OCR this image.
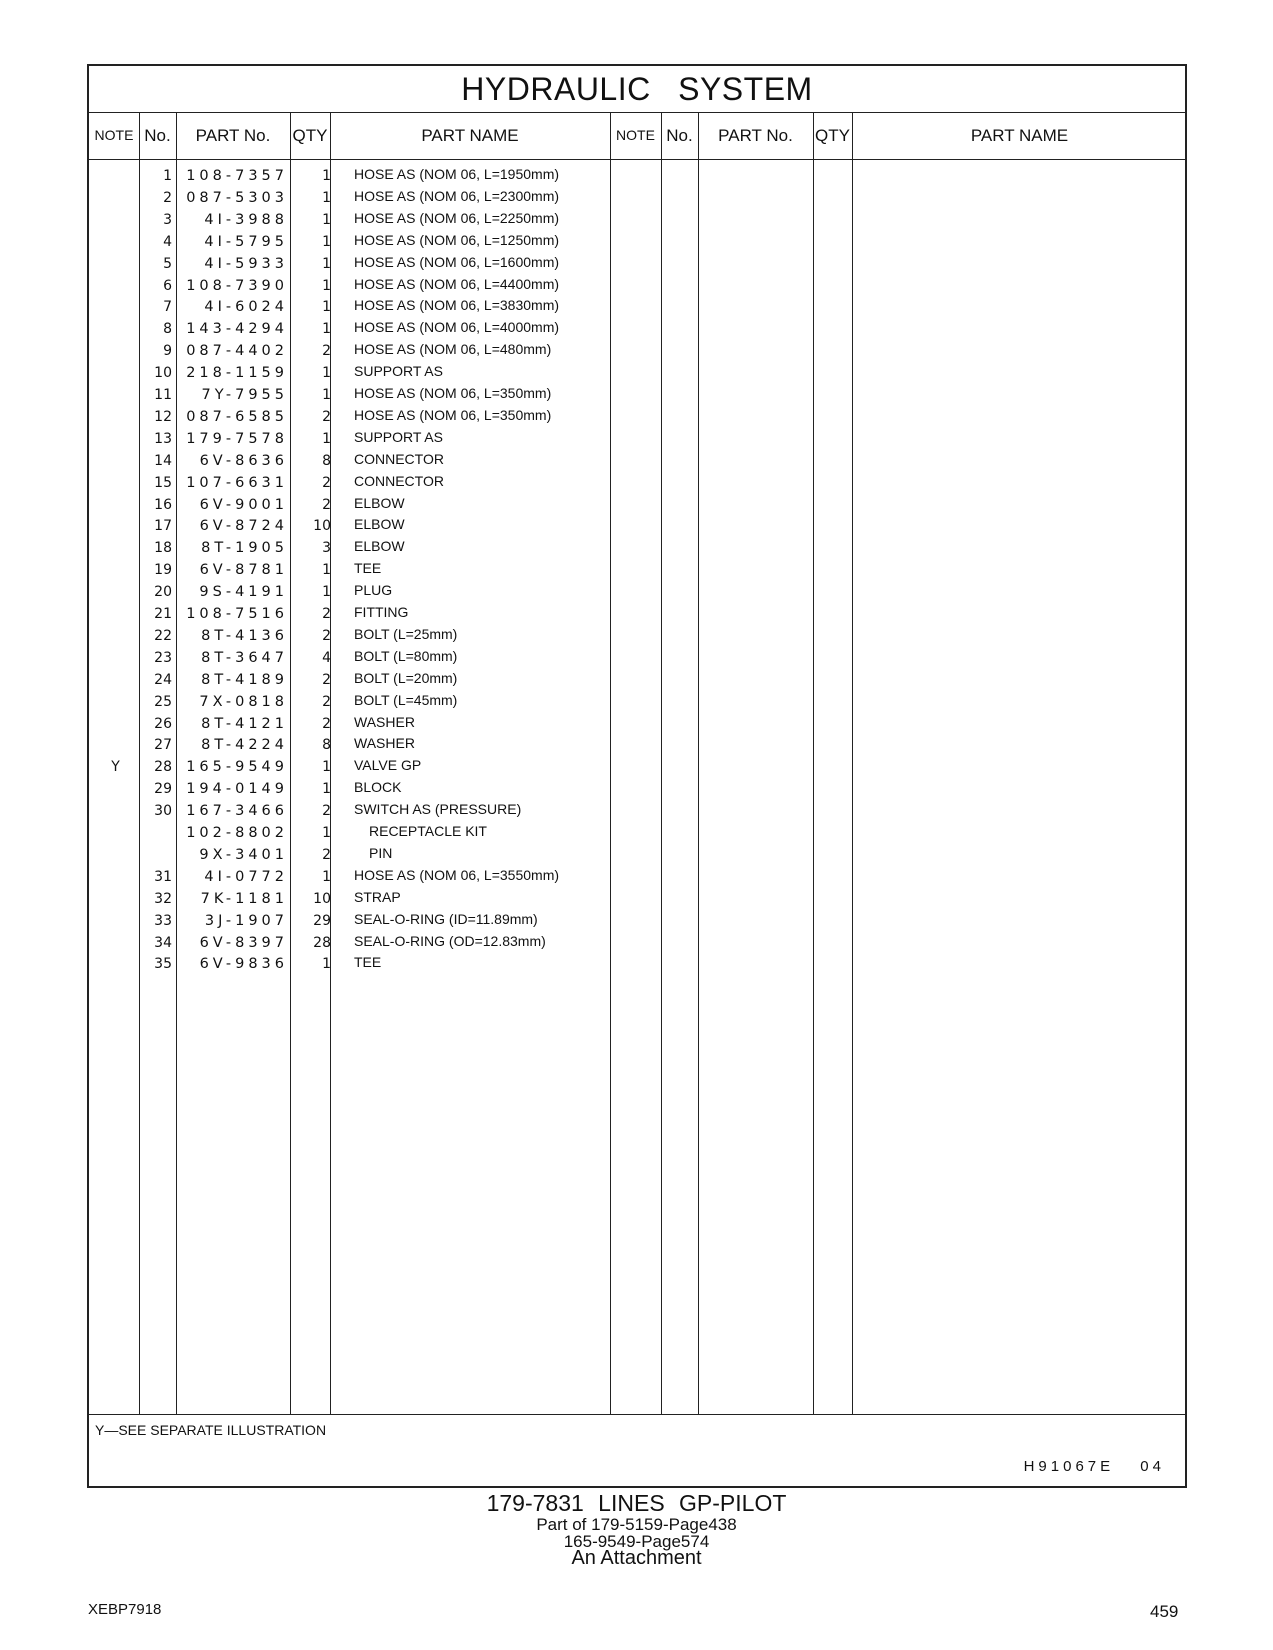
HYDRAULIC SYSTEM
NOTE No.	PART No.	QTY	PART NAME	NOTE No.	PART No.	QTY	PART NAME
1 108-7357	1 HOSE AS (NOM 06, L=1950mm)
2 087-5303	1 HOSE AS (NOM 06, L=2300mm)
3	4I-3988	1 HOSE AS (NOM 06, L=2250mm)
4	4I-5795	1 HOSE AS (NOM 06, L=1250mm)
5	4I-5933	1 HOSE AS (NOM 06, L=1600mm)
6 108-7390	1 HOSE AS (NOM 06, L=4400mm)
7	4I-6024	1 HOSE AS (NOM 06, L=3830mm)
8 143-4294	1 HOSE AS (NOM 06, L=4000mm)
9 087-4402	2 HOSE AS (NOM 06, L=480mm)
10 218-1159	1 SUPPORT AS
11	7Y-7955	1 HOSE AS (NOM 06, L=350mm)
12 087-6585	2 HOSE AS (NOM 06, L=350mm)
13 179-7578	1 SUPPORT AS
14	6V-8636	8 CONNECTOR
15 107-6631	2 CONNECTOR
16	6V-9001	2 ELBOW
17	6V-8724	10 ELBOW
18	8T-1905	3 ELBOW
19	6V-8781	1 TEE
20	9S-4191	1 PLUG
21 108-7516	2 FITTING
22	8T-4136	2 BOLT (L=25mm)
23	8T-3647	4 BOLT (L=80mm)
24	8T-4189	2 BOLT (L=20mm)
25	7X-0818	2 BOLT (L=45mm)
26	8T-4121	2 WASHER
27	8T-4224	8 WASHER
Y	28 165-9549	1 VALVE GP
29 194-0149	1 BLOCK
30 167-3466	2 SWITCH AS (PRESSURE)
102-8802	1	RECEPTACLE KIT
9X-3401	2	PIN
31	4I-0772	1 HOSE AS (NOM 06, L=3550mm)
32	7K-1181	10 STRAP
33	3J-1907	29 SEAL-O-RING (ID=11.89mm)
34	6V-8397	28 SEAL-O-RING (OD=12.83mm)
35	6V-9836	1 TEE
Y—SEE SEPARATE ILLUSTRATION
H91067E 04
179-7831 LINES GP-PILOT
Part of 179-5159-Page438
165-9549-Page574
An Attachment
XEBP7918	459
